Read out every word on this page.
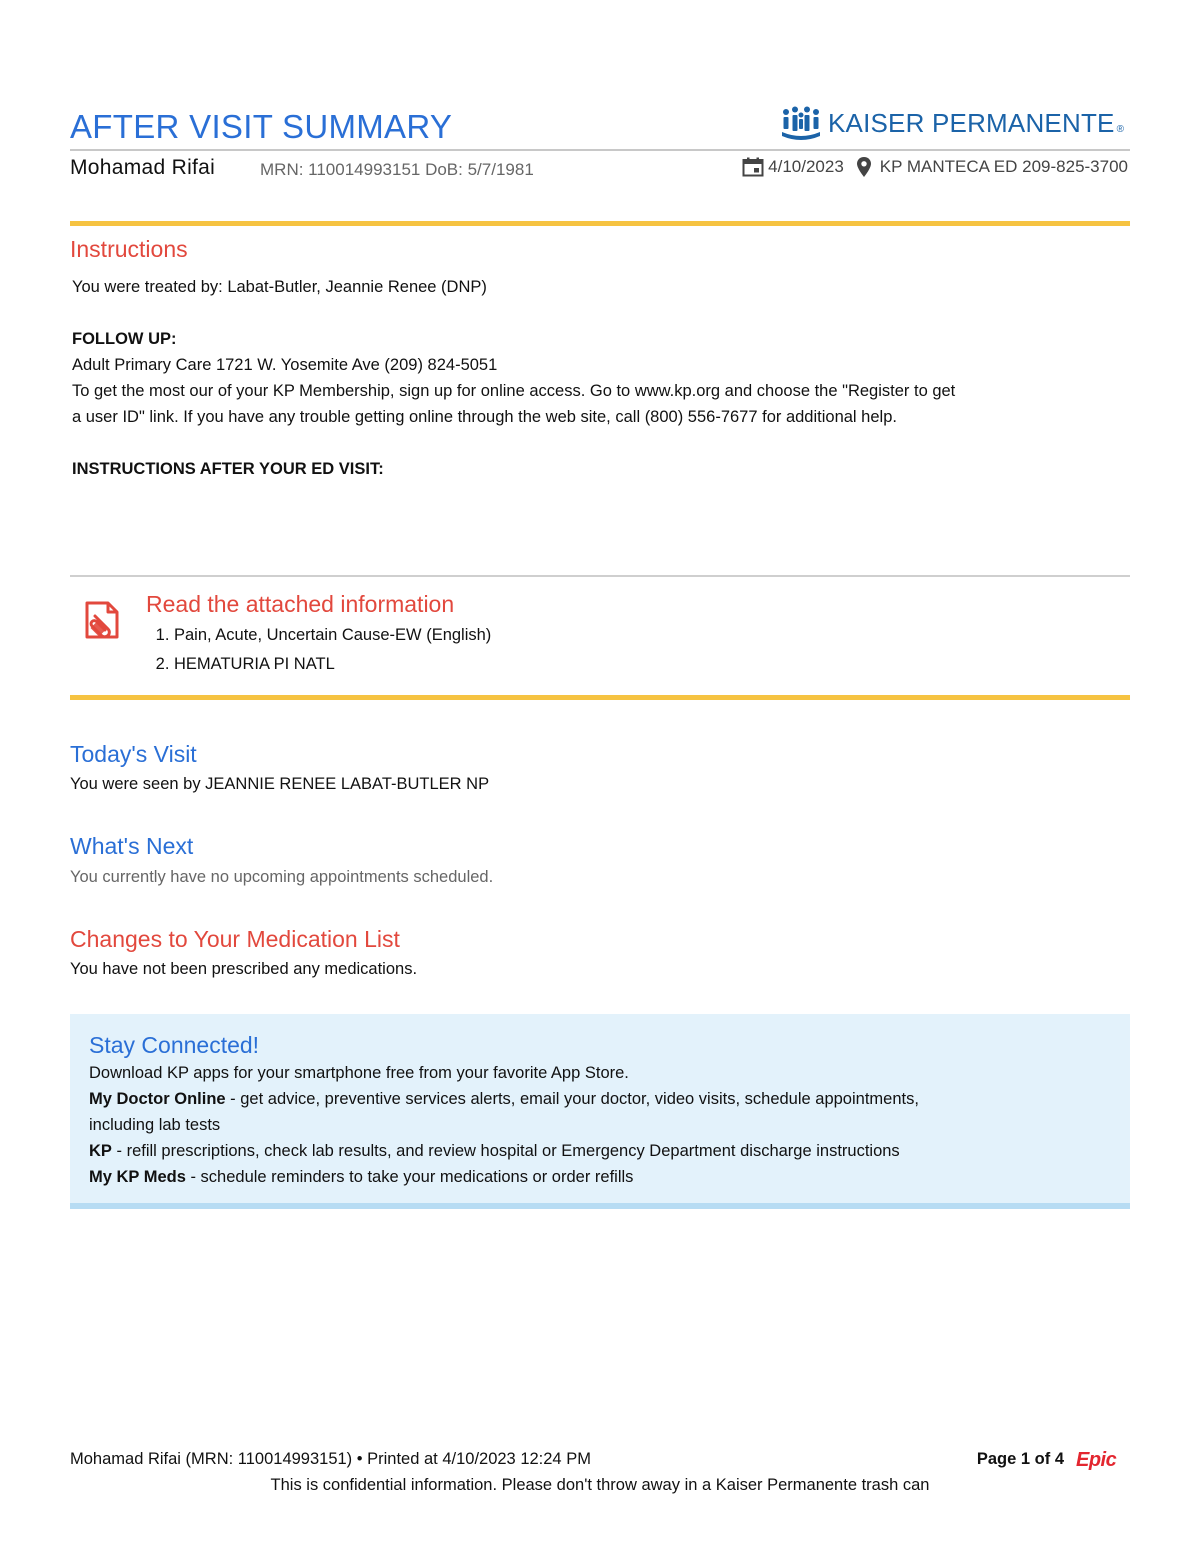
AFTER VISIT SUMMARY	KAISER PERMANENTE ®
Mohamad Rifai	MRN: 110014993151 DoB: 5/7/1981	4/10/2023 KP MANTECA ED 209-825-3700
Instructions
You were treated by: Labat-Butler, Jeannie Renee (DNP)
FOLLOW UP:
Adult Primary Care 1721 W. Yosemite Ave (209) 824-5051
To get the most our of your KP Membership, sign up for online access. Go to www.kp.org and choose the "Register to get
a user ID" link. If you have any trouble getting online through the web site, call (800) 556-7677 for additional help.
INSTRUCTIONS AFTER YOUR ED VISIT:
Read the attached information
1. Pain, Acute, Uncertain Cause-EW (English)
2. HEMATURIA PI NATL
Today's Visit
You were seen by JEANNIE RENEE LABAT-BUTLER NP
What's Next
You currently have no upcoming appointments scheduled.
Changes to Your Medication List
You have not been prescribed any medications.
Stay Connected!
Download KP apps for your smartphone free from your favorite App Store.
My Doctor Online - get advice, preventive services alerts, email your doctor, video visits, schedule appointments,
including lab tests
KP - refill prescriptions, check lab results, and review hospital or Emergency Department discharge instructions
My KP Meds - schedule reminders to take your medications or order refills
Mohamad Rifai (MRN: 110014993151) • Printed at 4/10/2023 12:24 PM	Page 1 of 4 Epic
This is confidential information. Please don't throw away in a Kaiser Permanente trash can
